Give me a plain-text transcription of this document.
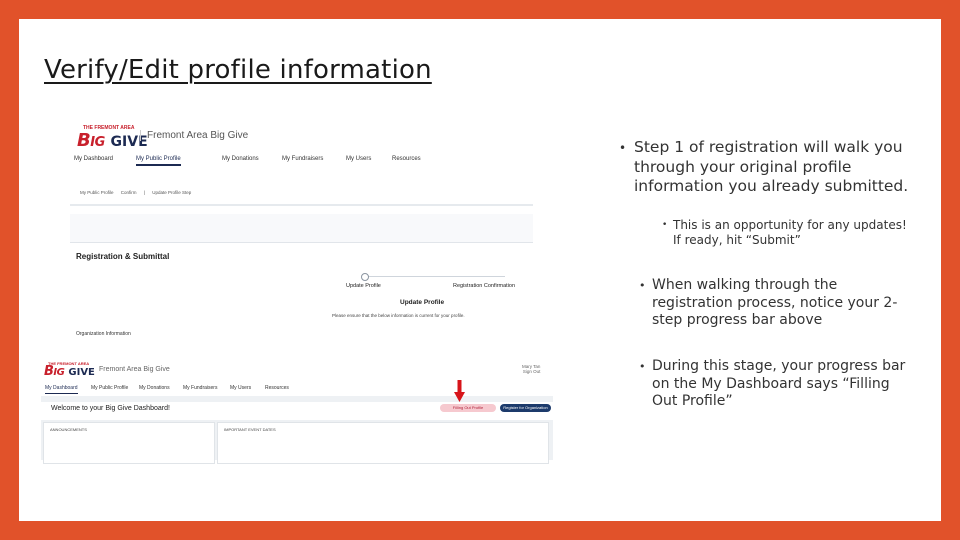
Verify/Edit profile information
THE FREMONT AREA
BIG GIVE Fremont Area Big Give
My Dashboard	My Public Profile	My Donations	My Fundraisers	My Users	Resources
My Public Profile Confirm | Update Profile Step
Registration & Submittal
Update Profile	Registration Confirmation
Update Profile
Please ensure that the below information is current for your profile.
Organization Information
THE FREMONT AREA
BIG GIVE Fremont Area Big Give	Mary Tan
Sign Out
My Dashboard	My Public Profile My Donations	My Fundraisers	My Users	Resources
Welcome to your Big Give Dashboard!	Filling Out Profile	Register for Organization
ANNOUNCEMENTS	IMPORTANT EVENT DATES
• Step 1 of registration will walk you through your original profile information you already submitted.
• This is an opportunity for any updates! If ready, hit “Submit”
• When walking through the registration process, notice your 2-step progress bar above
• During this stage, your progress bar on the My Dashboard says “Filling Out Profile”
